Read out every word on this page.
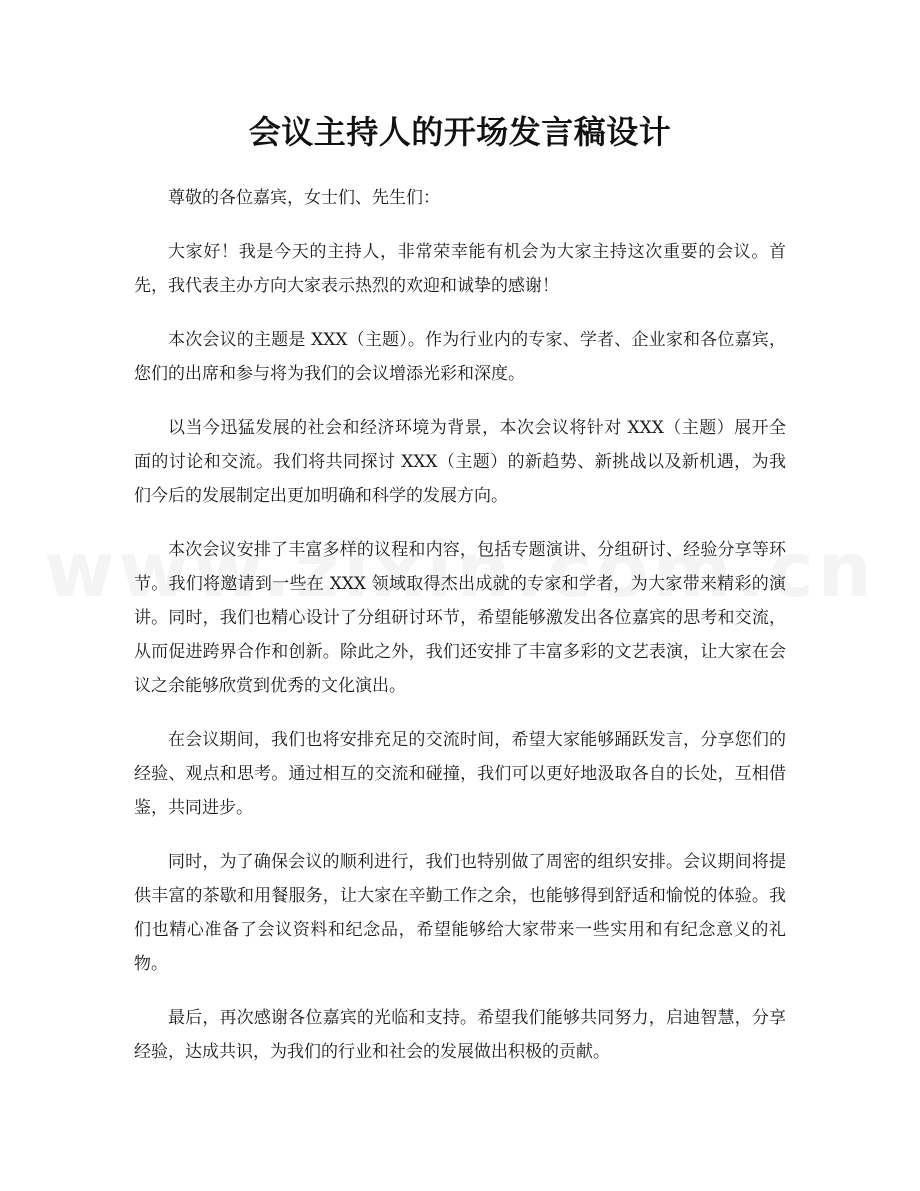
会议主持人的开场发言稿设计

尊敬的各位嘉宾，女士们、先生们：

大家好！我是今天的主持人，非常荣幸能有机会为大家主持这次重要的会议。首先，我代表主办方向大家表示热烈的欢迎和诚挚的感谢！

本次会议的主题是 XXX（主题）。作为行业内的专家、学者、企业家和各位嘉宾，您们的出席和参与将为我们的会议增添光彩和深度。

以当今迅猛发展的社会和经济环境为背景，本次会议将针对 XXX（主题）展开全面的讨论和交流。我们将共同探讨 XXX（主题）的新趋势、新挑战以及新机遇，为我们今后的发展制定出更加明确和科学的发展方向。

本次会议安排了丰富多样的议程和内容，包括专题演讲、分组研讨、经验分享等环节。我们将邀请到一些在 XXX 领域取得杰出成就的专家和学者，为大家带来精彩的演讲。同时，我们也精心设计了分组研讨环节，希望能够激发出各位嘉宾的思考和交流，从而促进跨界合作和创新。除此之外，我们还安排了丰富多彩的文艺表演，让大家在会议之余能够欣赏到优秀的文化演出。

在会议期间，我们也将安排充足的交流时间，希望大家能够踊跃发言，分享您们的经验、观点和思考。通过相互的交流和碰撞，我们可以更好地汲取各自的长处，互相借鉴，共同进步。

同时，为了确保会议的顺利进行，我们也特别做了周密的组织安排。会议期间将提供丰富的茶歇和用餐服务，让大家在辛勤工作之余，也能够得到舒适和愉悦的体验。我们也精心准备了会议资料和纪念品，希望能够给大家带来一些实用和有纪念意义的礼物。

最后，再次感谢各位嘉宾的光临和支持。希望我们能够共同努力，启迪智慧，分享经验，达成共识，为我们的行业和社会的发展做出积极的贡献。
